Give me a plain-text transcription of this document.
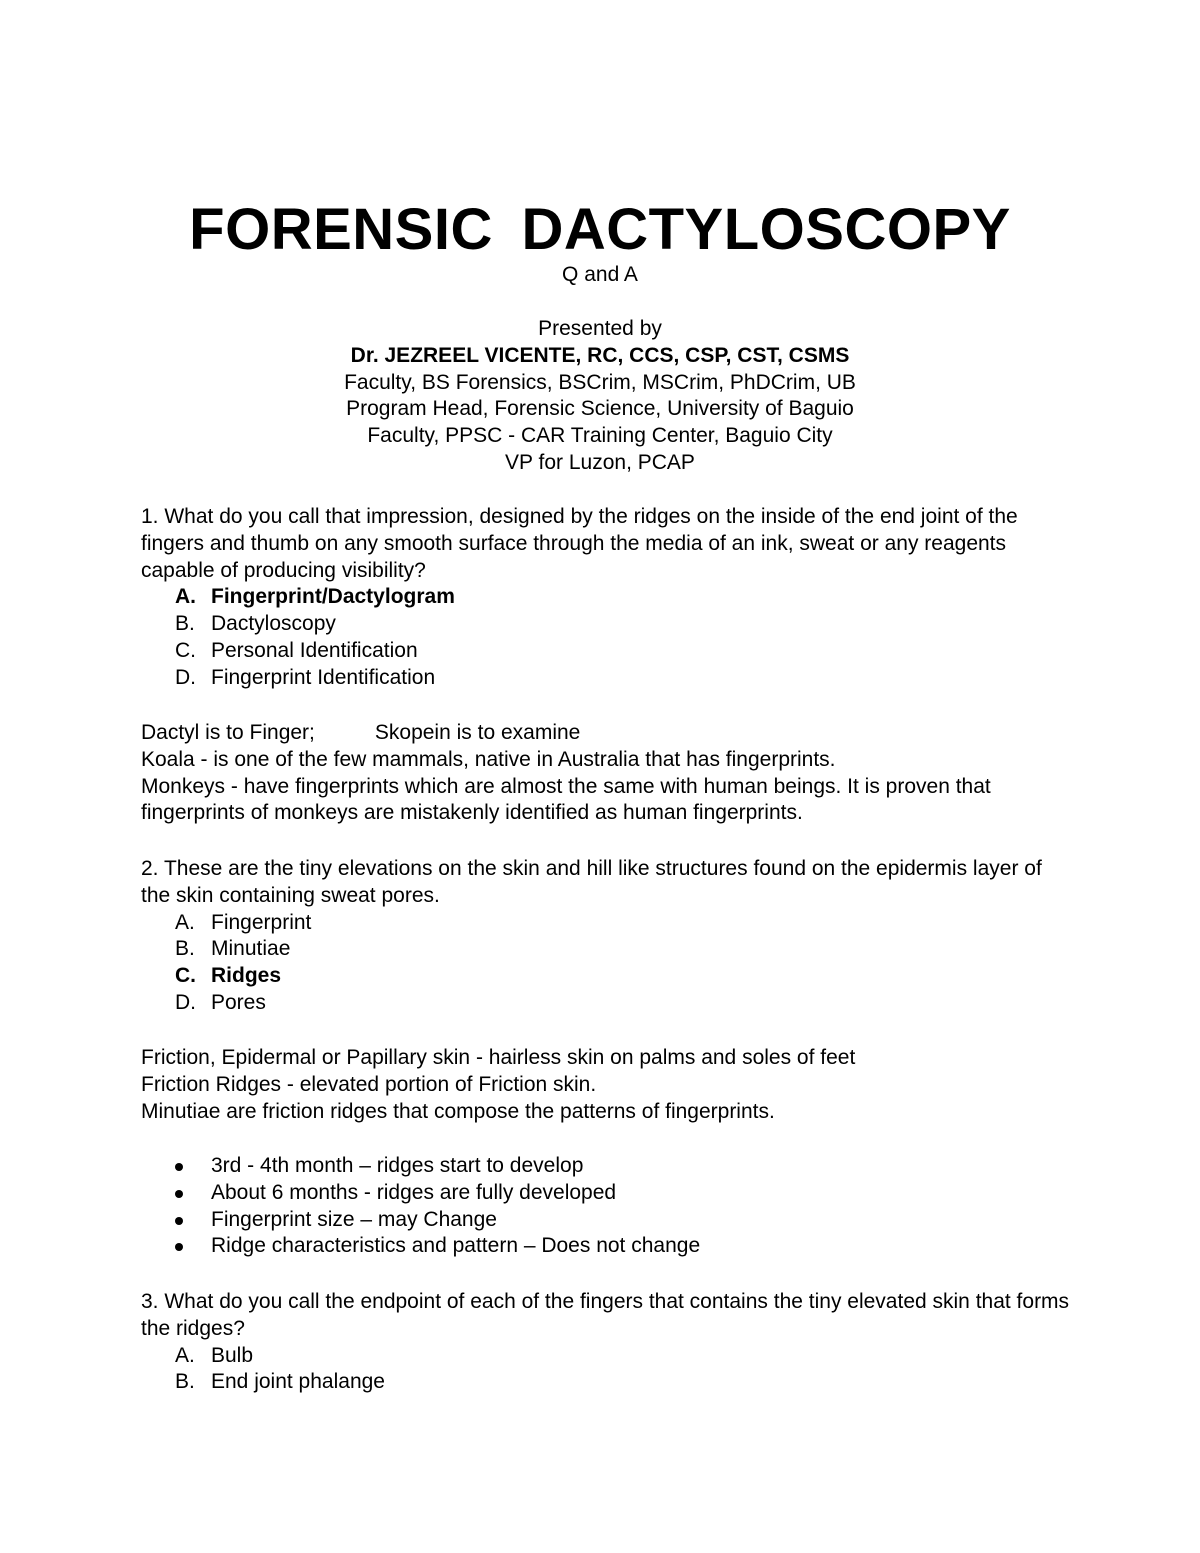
FORENSIC DACTYLOSCOPY
Q and A
Presented by
Dr. JEZREEL VICENTE, RC, CCS, CSP, CST, CSMS
Faculty, BS Forensics, BSCrim, MSCrim, PhDCrim, UB
Program Head, Forensic Science, University of Baguio
Faculty, PPSC - CAR Training Center, Baguio City
VP for Luzon, PCAP

1. What do you call that impression, designed by the ridges on the inside of the end joint of the fingers and thumb on any smooth surface through the media of an ink, sweat or any reagents capable of producing visibility?

A. Fingerprint/Dactylogram
B. Dactyloscopy
C. Personal Identification
D. Fingerprint Identification

Dactyl is to Finger;	Skopein is to examine

Koala - is one of the few mammals, native in Australia that has fingerprints.

Monkeys - have fingerprints which are almost the same with human beings. It is proven that fingerprints of monkeys are mistakenly identified as human fingerprints.

2. These are the tiny elevations on the skin and hill like structures found on the epidermis layer of the skin containing sweat pores.

A. Fingerprint
B. Minutiae
C. Ridges
D. Pores

Friction, Epidermal or Papillary skin - hairless skin on palms and soles of feet

Friction Ridges - elevated portion of Friction skin.

Minutiae are friction ridges that compose the patterns of fingerprints.

3rd - 4th month – ridges start to develop
About 6 months - ridges are fully developed
Fingerprint size – may Change
Ridge characteristics and pattern – Does not change

3. What do you call the endpoint of each of the fingers that contains the tiny elevated skin that forms the ridges?

A. Bulb
B. End joint phalange
